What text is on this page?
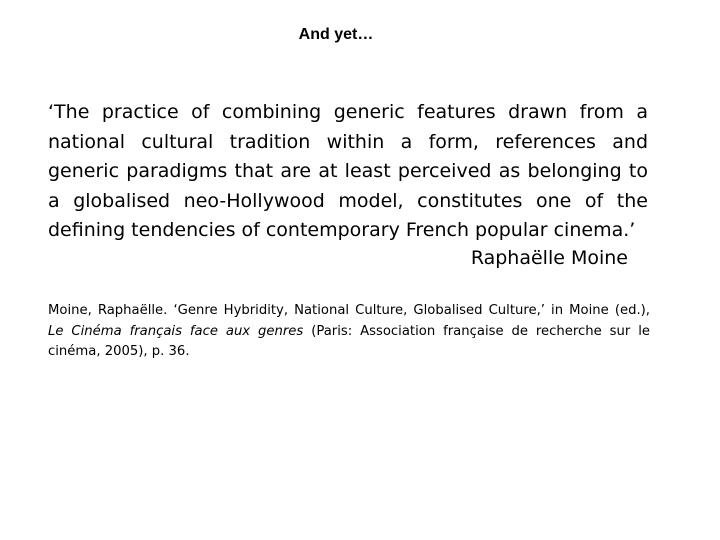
And yet…

‘The practice of combining generic features drawn from a national cultural tradition within a form, references and generic paradigms that are at least perceived as belonging to a globalised neo-Hollywood model, constitutes one of the defining tendencies of contemporary French popular cinema.’

Raphaëlle Moine

Moine, Raphaëlle. ‘Genre Hybridity, National Culture, Globalised Culture,’ in Moine (ed.), Le Cinéma français face aux genres (Paris: Association française de recherche sur le cinéma, 2005), p. 36.
